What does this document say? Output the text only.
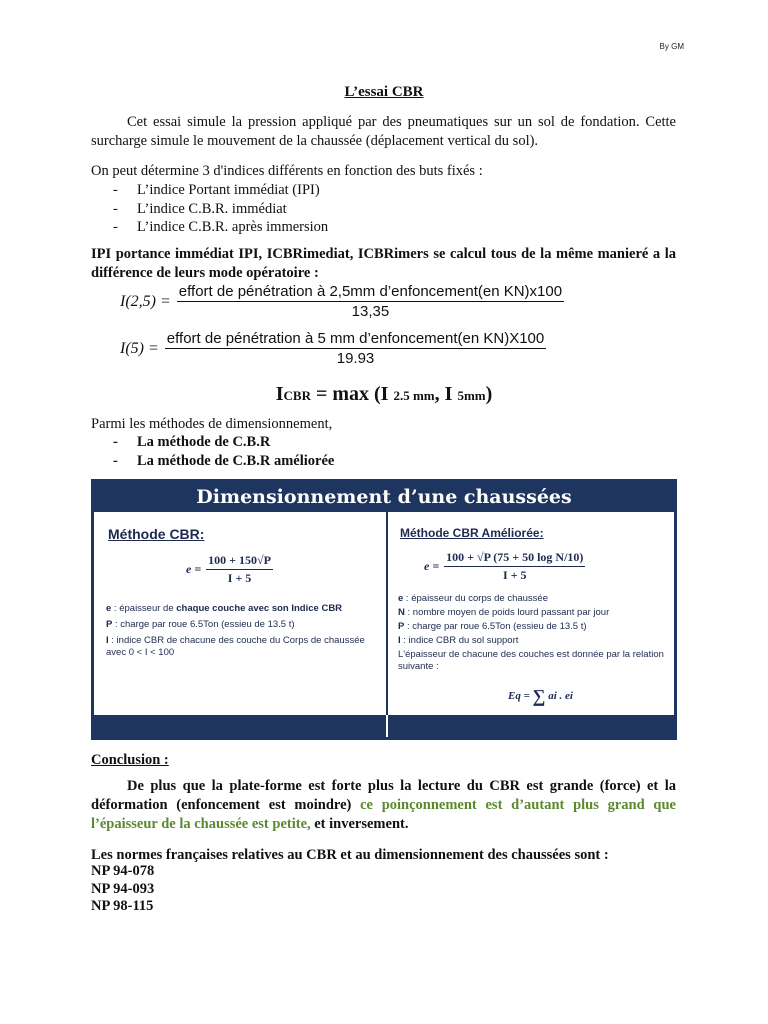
By GM
L’essai CBR
Cet essai simule la pression appliqué par des pneumatiques sur un sol de fondation. Cette surcharge simule le mouvement de la chaussée (déplacement vertical du sol).
On peut détermine 3 d'indices différents en fonction des buts fixés :
- L’indice Portant immédiat (IPI)
- L’indice C.B.R. immédiat
- L’indice C.B.R. après immersion
IPI portance immédiat IPI, ICBRimediat, ICBRimers se calcul tous de la même manieré a la différence de leurs mode opératoire :
$I(2,5) = \frac{\text{effort de pénétration à 2,5mm d’enfoncement(en KN)x100}}{13,35}$
$I(5) = \frac{\text{effort de pénétration à 5 mm d’enfoncement(en KN)X100}}{19.93}$
ICBR = max (I 2.5 mm, I 5mm)
Parmi les méthodes de dimensionnement,
- La méthode de C.B.R
- La méthode de C.B.R améliorée
Dimensionnement d’une chaussées
Méthode CBR:
$e = \frac{100 + 150√P}{I + 5}$
e : épaisseur de chaque couche avec son Indice CBR
P : charge par roue 6.5Ton (essieu de 13.5 t)
I : indice CBR de chacune des couche du Corps de chaussée avec 0 < I < 100
Méthode CBR Améliorée:
$e = \frac{\text{100 + √P (75 + 50 log N/10)}}{I + 5}$
e : épaisseur du corps de chaussée
N : nombre moyen de poids lourd passant par jour
P : charge par roue 6.5Ton (essieu de 13.5 t)
I : indice CBR du sol support
L'épaisseur de chacune des couches est donnée par la relation suivante :
Eq = ∑ ai . ei
Conclusion :
De plus que la plate-forme est forte plus la lecture du CBR est grande (force) et la déformation (enfoncement est moindre) ce poinçonnement est d’autant plus grand que l’épaisseur de la chaussée est petite, et inversement.
Les normes françaises relatives au CBR et au dimensionnement des chaussées sont :
NP 94-078
NP 94-093
NP 98-115
